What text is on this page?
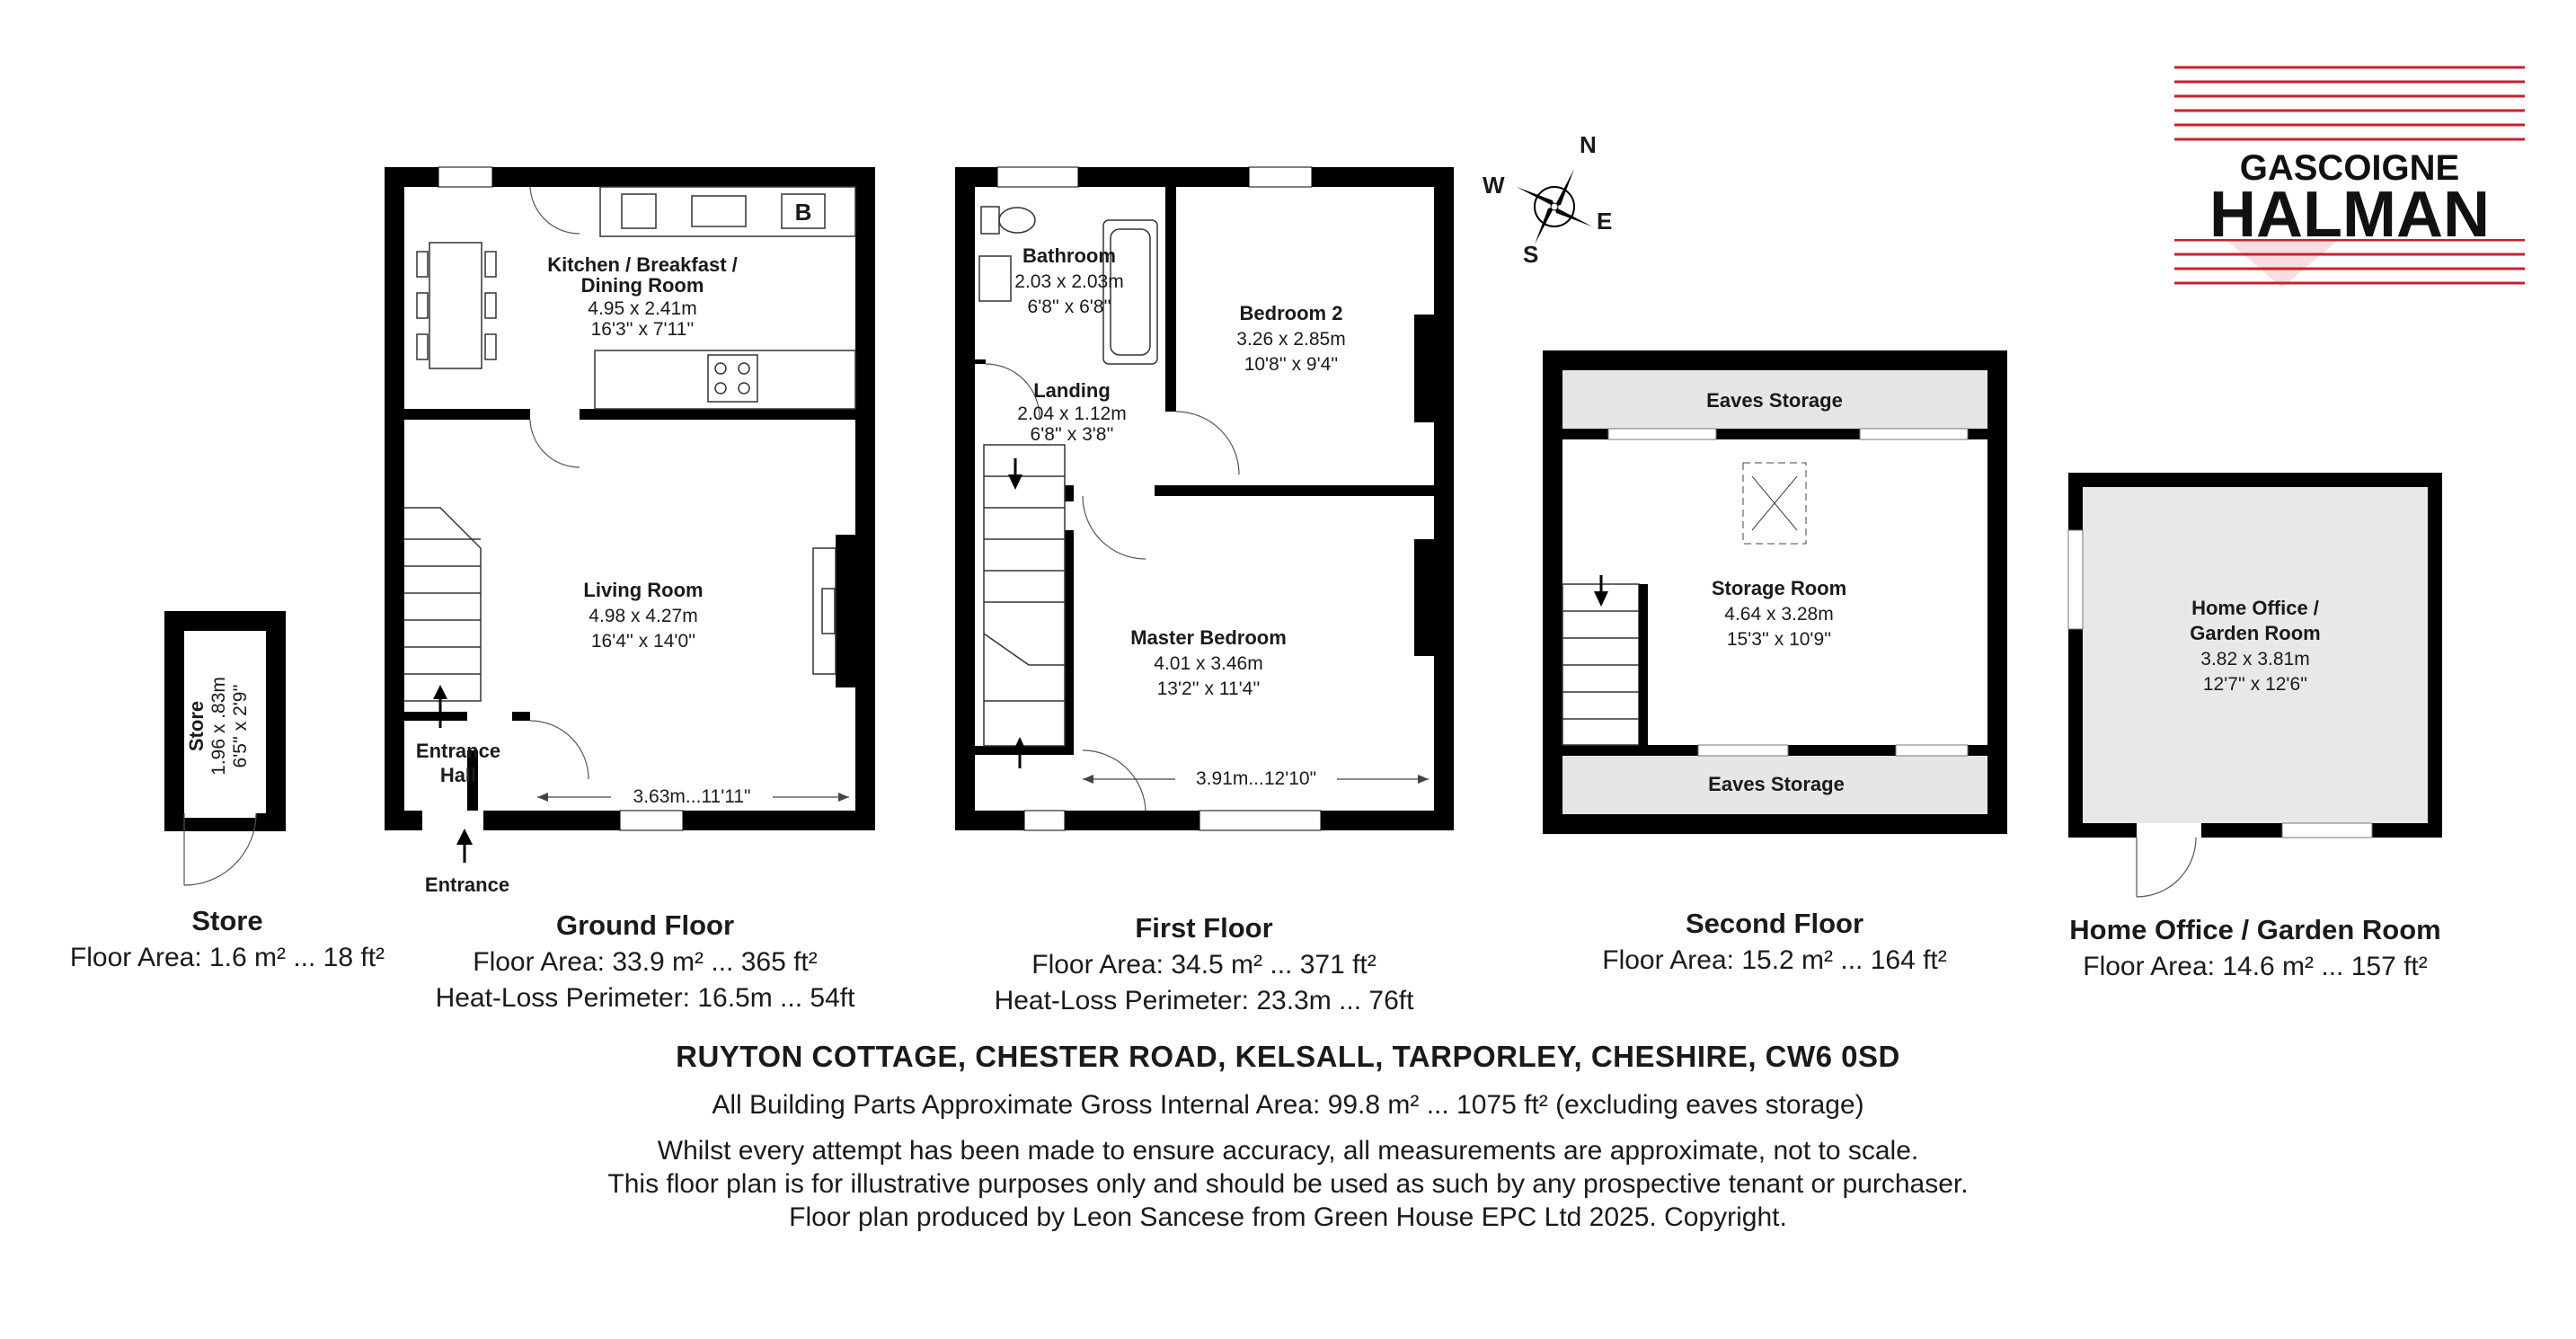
N
S
E
W	GASCOIGNE
HALMAN
Store 1.96 x .83m 6'5'' x 2'9''
Store
Floor Area: 1.6 m² ... 18 ft²
B
3.63m...11'11"
Kitchen / Breakfast /
Dining Room
4.95 x 2.41m
16'3'' x 7'11''
Living Room
4.98 x 4.27m
16'4'' x 14'0''
Entrance
Hall
Entrance
Ground Floor
Floor Area: 33.9 m² ... 365 ft²
Heat-Loss Perimeter: 16.5m ... 54ft
3.91m...12'10"
Bathroom
2.03 x 2.03m
6'8'' x 6'8''	Bedroom 2
3.26 x 2.85m
10'8'' x 9'4''
Landing
2.04 x 1.12m
6'8'' x 3'8''
Master Bedroom
4.01 x 3.46m
13'2'' x 11'4''
First Floor
Floor Area: 34.5 m² ... 371 ft²
Heat-Loss Perimeter: 23.3m ... 76ft
Eaves Storage
Storage Room
4.64 x 3.28m
15'3'' x 10'9''
Eaves Storage
Second Floor
Floor Area: 15.2 m² ... 164 ft²
Home Office /
Garden Room
3.82 x 3.81m
12'7'' x 12'6''
Home Office / Garden Room
Floor Area: 14.6 m² ... 157 ft²
RUYTON COTTAGE, CHESTER ROAD, KELSALL, TARPORLEY, CHESHIRE, CW6 0SD
All Building Parts Approximate Gross Internal Area: 99.8 m² ... 1075 ft² (excluding eaves storage)
Whilst every attempt has been made to ensure accuracy, all measurements are approximate, not to scale.
This floor plan is for illustrative purposes only and should be used as such by any prospective tenant or purchaser.
Floor plan produced by Leon Sancese from Green House EPC Ltd 2025. Copyright.
